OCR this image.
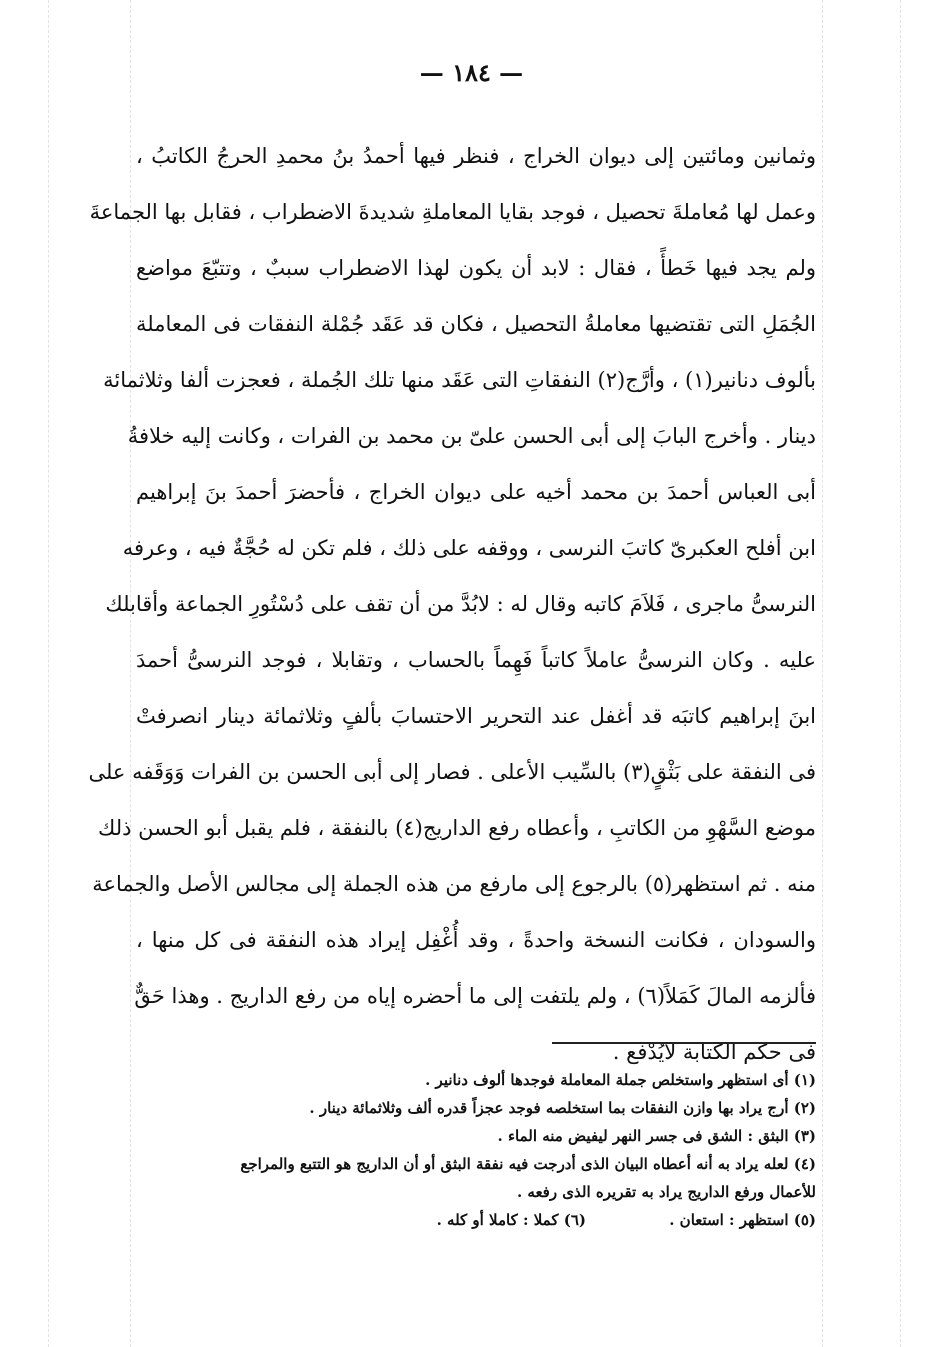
— ١٨٤ —
وثمانين ومائتين إلى ديوان الخراج ، فنظر فيها أحمدُ بنُ محمدِ الحرجُ الكاتبُ ،
وعمل لها مُعاملةَ تحصيل ، فوجد بقايا المعاملةِ شديدةَ الاضطراب ، فقابل بها الجماعةَ
ولم يجد فيها خَطأً ، فقال : لابد أن يكون لهذا الاضطراب سببٌ ، وتتبّعَ مواضع
الجُمَلِ التى تقتضيها معاملةُ التحصيل ، فكان قد عَقَد جُمْلة النفقات فى المعاملة
بألوف دنانير(١) ، وأرَّج(٢) النفقاتِ التى عَقَد منها تلك الجُملة ، فعجزت ألفا وثلاثمائة
دينار . وأخرج البابَ إلى أبى الحسن علىّ بن محمد بن الفرات ، وكانت إليه خلافةُ
أبى العباس أحمدَ بن محمد أخيه على ديوان الخراج ، فأحضرَ أحمدَ بنَ إبراهيم
ابن أفلح العكبرىّ كاتبَ النرسى ، ووقفه على ذلك ، فلم تكن له حُجَّةٌ فيه ، وعرفه
النرسىُّ ماجرى ، فَلاَمَ كاتبه وقال له : لابُدَّ من أن تقف على دُسْتُورِ الجماعة وأقابلك
عليه . وكان النرسىُّ عاملاً كاتباً فَهِماً بالحساب ، وتقابلا ، فوجد النرسىُّ أحمدَ
ابنَ إبراهيم كاتبَه قد أغفل عند التحرير الاحتسابَ بألفٍ وثلاثمائة دينار انصرفتْ
فى النفقة على بَثْقٍ(٣) بالسِّيب الأعلى . فصار إلى أبى الحسن بن الفرات وَوَقَفه على
موضع السَّهْوِ من الكاتبِ ، وأعطاه رفع الداريج(٤) بالنفقة ، فلم يقبل أبو الحسن ذلك
منه . ثم استظهر(٥) بالرجوع إلى مارفع من هذه الجملة إلى مجالس الأصل والجماعة
والسودان ، فكانت النسخة واحدةً ، وقد أُغْفِل إيراد هذه النفقة فى كل منها ،
فألزمه المالَ كَمَلاً(٦) ، ولم يلتفت إلى ما أحضره إياه من رفع الداريج . وهذا حَقٌّ
فى حكم الكتابة لايُدْفع .
(١) أى استظهر واستخلص جملة المعاملة فوجدها ألوف دنانير .
(٢) أرج يراد بها وازن النفقات بما استخلصه فوجد عجزاً قدره ألف وثلاثمائة دينار .
(٣) البثق : الشق فى جسر النهر ليفيض منه الماء .
(٤) لعله يراد به أنه أعطاه البيان الذى أدرجت فيه نفقة البثق أو أن الداريج هو التتبع والمراجع
للأعمال ورفع الداريج يراد به تقريره الذى رفعه .
(٥) استظهر : استعان .
(٦) كملا : كاملا أو كله .
